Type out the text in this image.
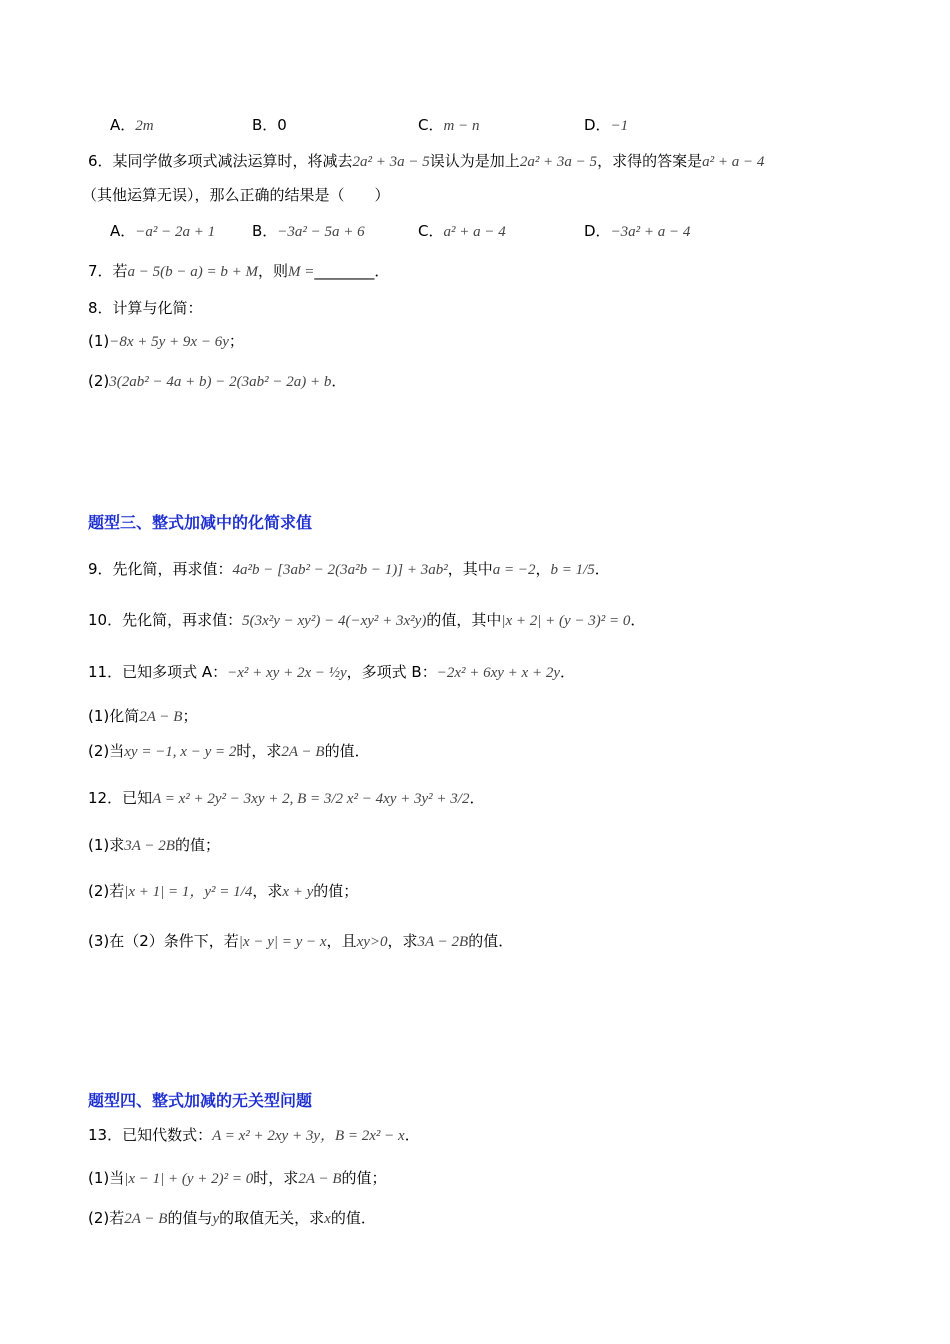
A．2m	B．0	C．m − n	D．−1
6．某同学做多项式减法运算时，将减去2a² + 3a − 5误认为是加上2a² + 3a − 5，求得的答案是a² + a − 4
（其他运算无误），那么正确的结果是（　　）
A．−a² − 2a + 1 B．−3a² − 5a + 6	C．a² + a − 4	D．−3a² + a − 4
7．若a − 5(b − a) = b + M，则M =________．
8．计算与化简：
(1)−8x + 5y + 9x − 6y；
(2)3(2ab² − 4a + b) − 2(3ab² − 2a) + b．
题型三、整式加减中的化简求值
9．先化简，再求值：4a²b − [3ab² − 2(3a²b − 1)] + 3ab²，其中a = −2，b = 1/5．
10．先化简，再求值：5(3x²y − xy²) − 4(−xy² + 3x²y)的值，其中|x + 2| + (y − 3)² = 0．
11．已知多项式 A：−x² + xy + 2x − ½y，多项式 B：−2x² + 6xy + x + 2y．
(1)化简2A − B；
(2)当xy = −1, x − y = 2时，求2A − B的值．
12．已知A = x² + 2y² − 3xy + 2, B = 3/2 x² − 4xy + 3y² + 3/2．
(1)求3A − 2B的值；
(2)若|x + 1| = 1，y² = 1/4，求x + y的值；
(3)在（2）条件下，若|x − y| = y − x，且xy>0，求3A − 2B的值．
题型四、整式加减的无关型问题
13．已知代数式：A = x² + 2xy + 3y，B = 2x² − x．
(1)当|x − 1| + (y + 2)² = 0时，求2A − B的值；
(2)若2A − B的值与y的取值无关，求x的值．
